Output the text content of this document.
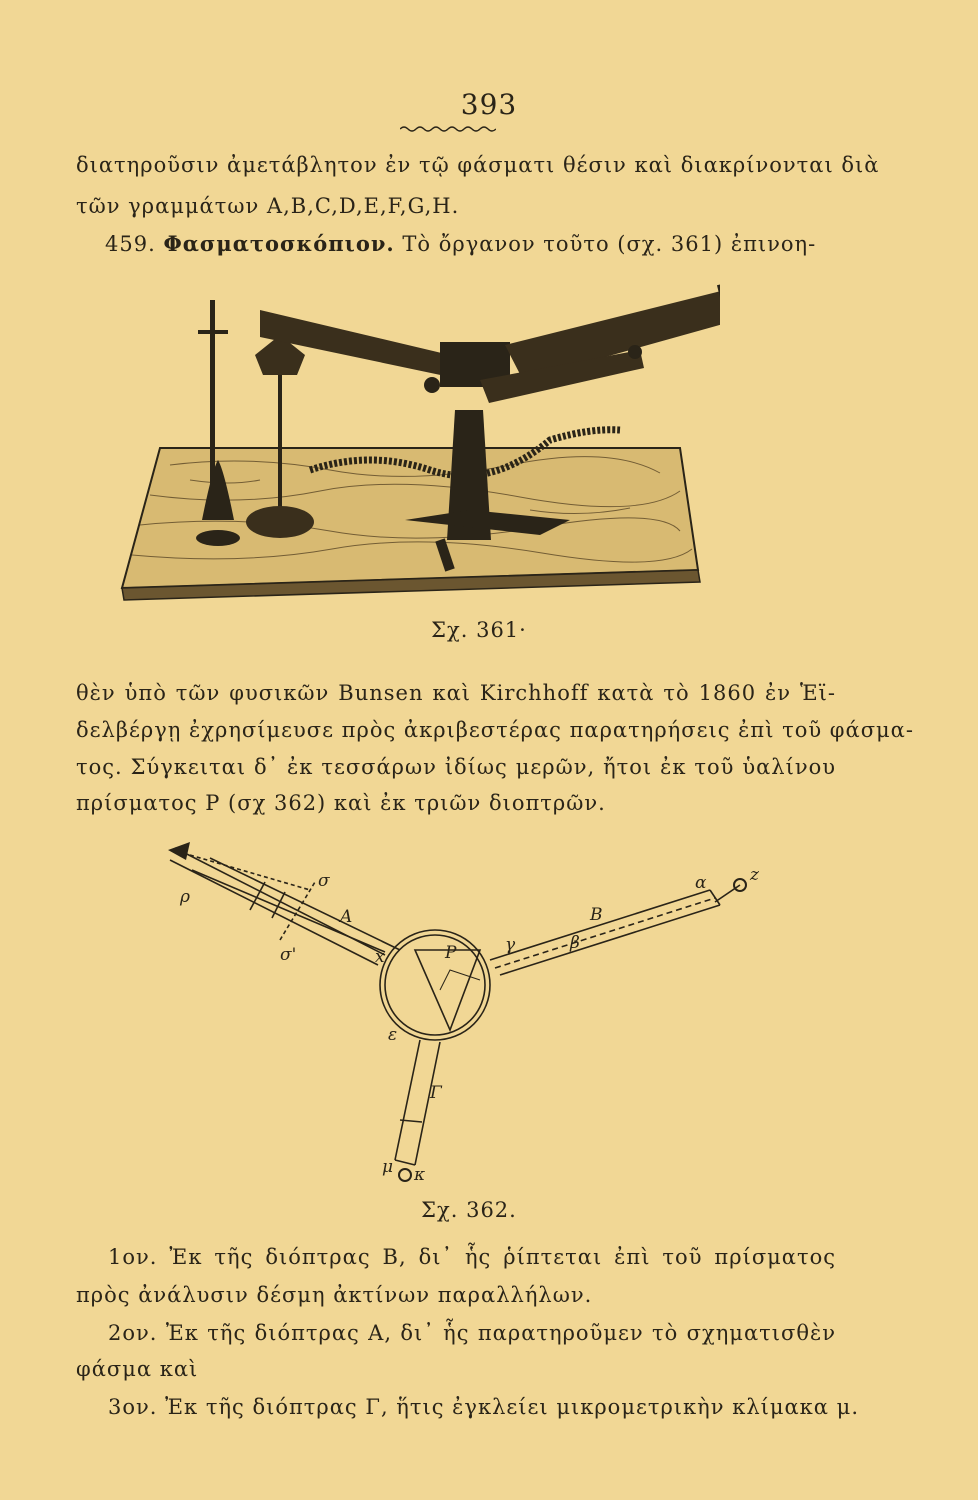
393
διατηροῦσιν ἀμετάβλητον ἐν τῷ φάσματι θέσιν καὶ διακρίνονται διὰ
τῶν γραμμάτων A,B,C,D,E,F,G,H.
459. Φασματοσκόπιον. Τὸ ὄργανον τοῦτο (σχ. 361) ἐπινοη-
Σχ. 361·
θὲν ὑπὸ τῶν φυσικῶν Bunsen καὶ Kirchhoff κατὰ τὸ 1860 ἐν Ἑϊ-
δελβέργῃ ἐχρησίμευσε πρὸς ἀκριβεστέρας παρατηρήσεις ἐπὶ τοῦ φάσμα-
τος. Σύγκειται δ᾽ ἐκ τεσσάρων ἰδίως μερῶν, ἤτοι ἐκ τοῦ ὑαλίνου
πρίσματος P (σχ 362) καὶ ἐκ τριῶν διοπτρῶν.
ρ
σ
σ'
A
x	P	γ
B
α	z
ε
β
Γ
μ κ
Σχ. 362.
1ον. Ἐκ τῆς διόπτρας B, δι᾽ ἧς ῥίπτεται ἐπὶ τοῦ πρίσματος
πρὸς ἀνάλυσιν δέσμη ἀκτίνων παραλλήλων.
2ον. Ἐκ τῆς διόπτρας A, δι᾽ ἧς παρατηροῦμεν τὸ σχηματισθὲν
φάσμα καὶ
3ον. Ἐκ τῆς διόπτρας Γ, ἥτις ἐγκλείει μικρομετρικὴν κλίμακα μ.
